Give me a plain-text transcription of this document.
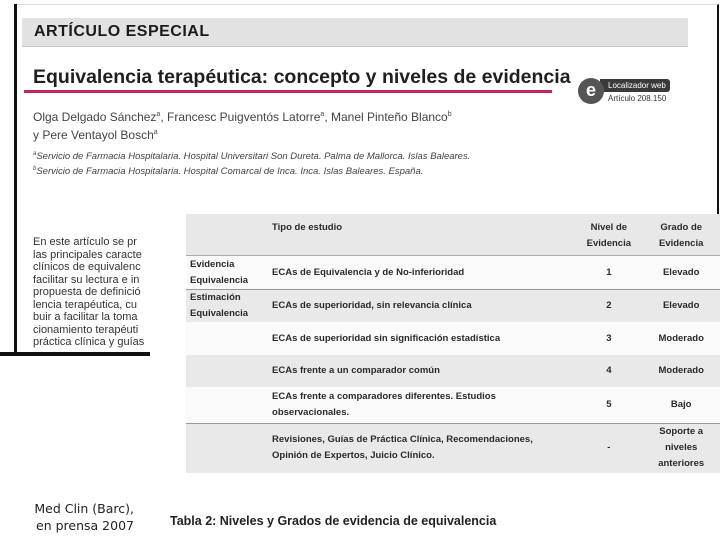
ARTÍCULO ESPECIAL
Equivalencia terapéutica: concepto y niveles de evidencia	Localizador web
e	Artículo 208.150
Olga Delgado Sánchez$^a$, Francesc Puigventós Latorre$^a$, Manel Pinteño Blanco$^b$
y Pere Ventayol Bosch$^a$
$^a$Servicio de Farmacia Hospitalaria. Hospital Universitari Son Dureta. Palma de Mallorca. Islas Baleares.
$^b$Servicio de Farmacia Hospitalaria. Hospital Comarcal de Inca. Inca. Islas Baleares. España.
En este artículo se pr
las principales caracte
clínicos de equivalenc
facilitar su lectura e in
propuesta de definició
lencia terapéutica, cu
buir a facilitar la toma
cionamiento terapéuti
práctica clínica y guías
	Tipo de estudio	Nivel de Evidencia	Grado de Evidencia
Evidencia Equivalencia	ECAs de Equivalencia y de No-inferioridad	1	Elevado
Estimación Equivalencia	ECAs de superioridad, sin relevancia clínica	2	Elevado
	ECAs de superioridad sin significación estadística	3	Moderado
	ECAs frente a un comparador común	4	Moderado
	ECAs frente a comparadores diferentes. Estudios observacionales.	5	Bajo
	Revisiones, Guías de Práctica Clínica, Recomendaciones, Opinión de Expertos, Juicio Clínico.	-	Soporte a niveles anteriores
Med Clin (Barc),
en prensa 2007	Tabla 2: Niveles y Grados de evidencia de equivalencia
